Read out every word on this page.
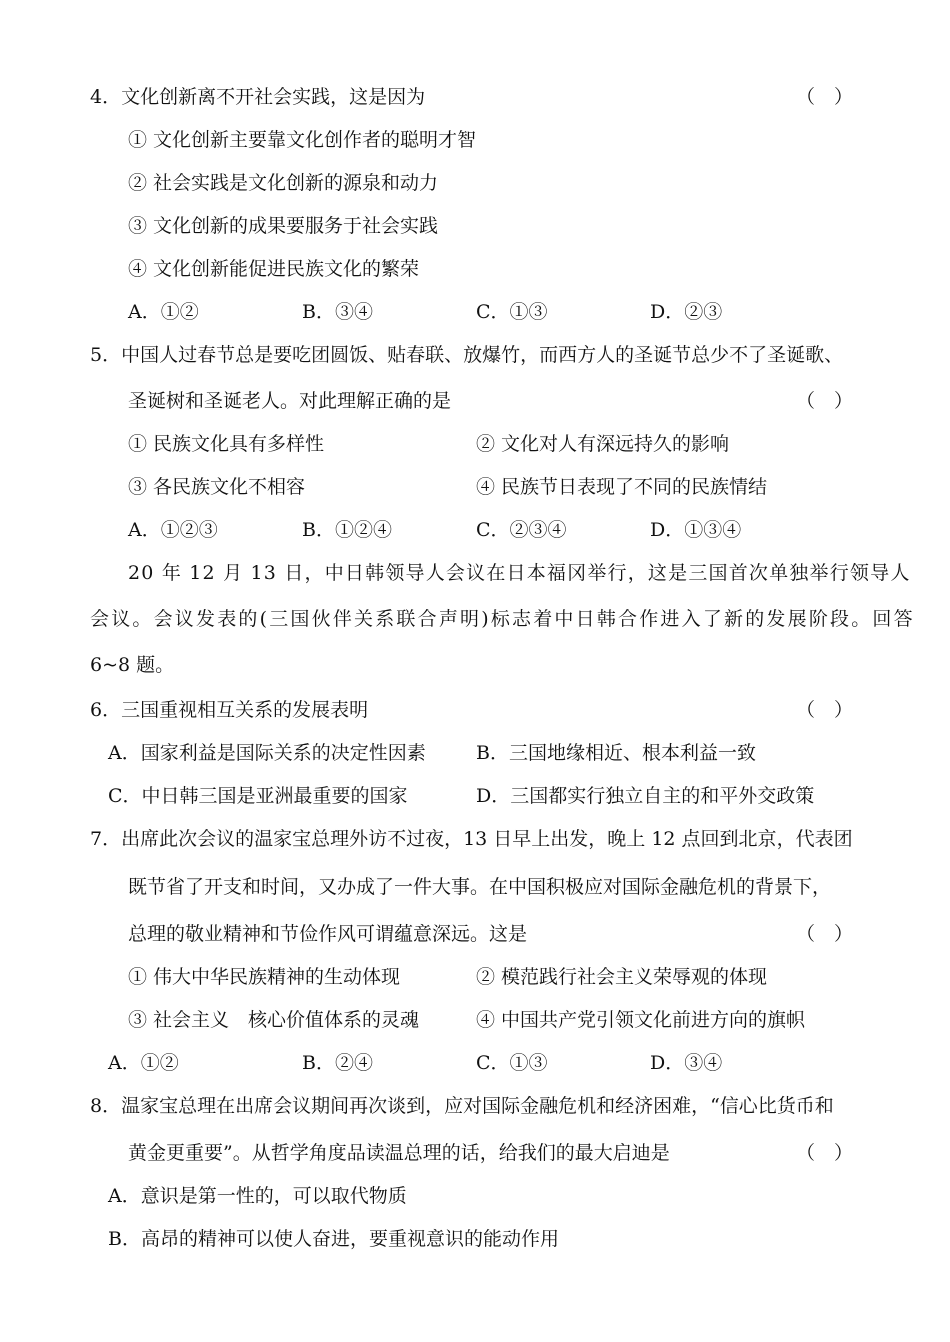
4．文化创新离不开社会实践，这是因为	（　）
① 文化创新主要靠文化创作者的聪明才智
② 社会实践是文化创新的源泉和动力
③ 文化创新的成果要服务于社会实践
④ 文化创新能促进民族文化的繁荣
A．①②	B．③④	C．①③	D．②③
5．中国人过春节总是要吃团圆饭、贴春联、放爆竹，而西方人的圣诞节总少不了圣诞歌、
圣诞树和圣诞老人。对此理解正确的是	（　）
① 民族文化具有多样性	② 文化对人有深远持久的影响
③ 各民族文化不相容	④ 民族节日表现了不同的民族情结
A．①②③	B．①②④	C．②③④	D．①③④
20 年 12 月 13 日，中日韩领导人会议在日本福冈举行，这是三国首次单独举行领导人
会议。会议发表的(三国伙伴关系联合声明)标志着中日韩合作进入了新的发展阶段。回答
6~8 题。
6．三国重视相互关系的发展表明	（　）
A．国家利益是国际关系的决定性因素	B．三国地缘相近、根本利益一致
C．中日韩三国是亚洲最重要的国家	D．三国都实行独立自主的和平外交政策
7．出席此次会议的温家宝总理外访不过夜，13 日早上出发，晚上 12 点回到北京，代表团
既节省了开支和时间，又办成了一件大事。在中国积极应对国际金融危机的背景下，
总理的敬业精神和节俭作风可谓蕴意深远。这是	（　）
① 伟大中华民族精神的生动体现	② 模范践行社会主义荣辱观的体现
③ 社会主义　核心价值体系的灵魂	④ 中国共产党引领文化前进方向的旗帜
A．①②	B．②④	C．①③	D．③④
8．温家宝总理在出席会议期间再次谈到，应对国际金融危机和经济困难，“信心比货币和
黄金更重要”。从哲学角度品读温总理的话，给我们的最大启迪是	（　）
A．意识是第一性的，可以取代物质
B．高昂的精神可以使人奋进，要重视意识的能动作用
